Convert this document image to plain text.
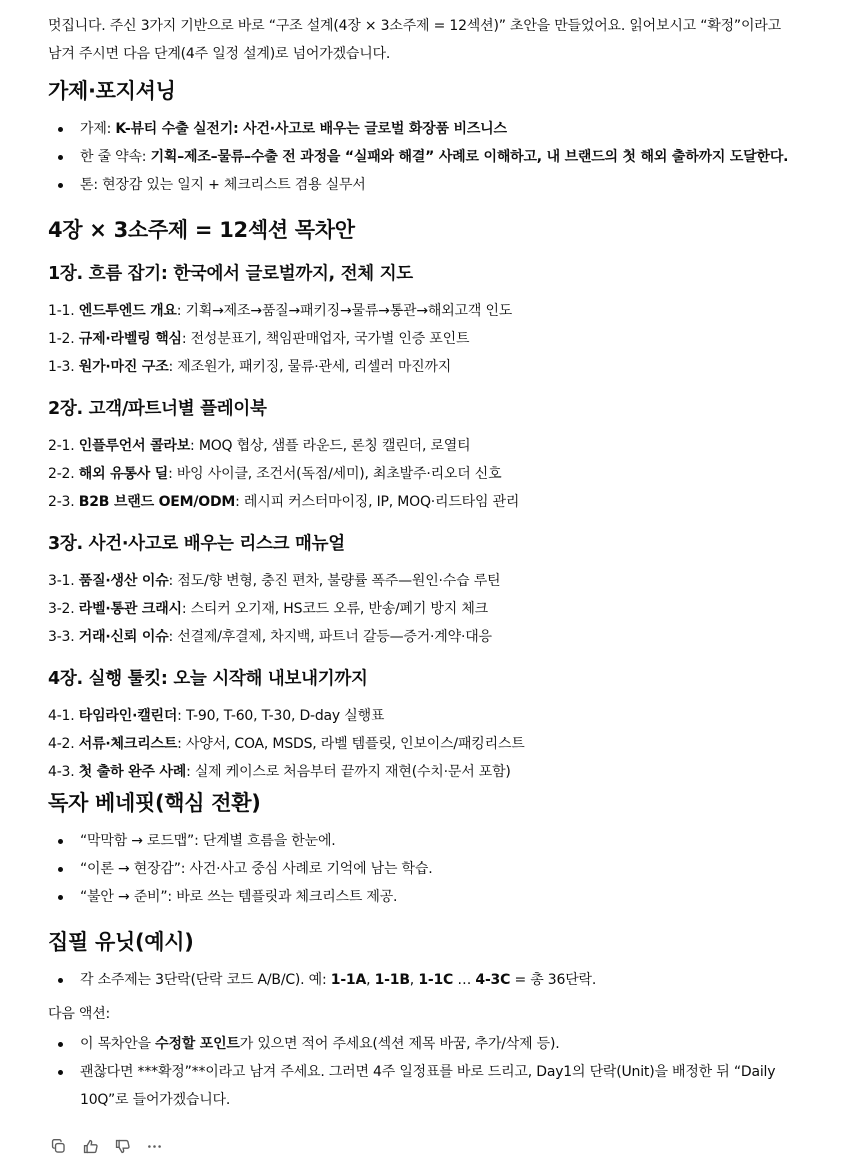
멋집니다. 주신 3가지 기반으로 바로 “구조 설계(4장 × 3소주제 = 12섹션)” 초안을 만들었어요. 읽어보시고 “확정”이라고

남겨 주시면 다음 단계(4주 일정 설계)로 넘어가겠습니다.

가제·포지셔닝
가제: K-뷰티 수출 실전기: 사건·사고로 배우는 글로벌 화장품 비즈니스
한 줄 약속: 기획–제조–물류–수출 전 과정을 “실패와 해결” 사례로 이해하고, 내 브랜드의 첫 해외 출하까지 도달한다.
톤: 현장감 있는 일지 + 체크리스트 겸용 실무서
4장 × 3소주제 = 12섹션 목차안
1장. 흐름 잡기: 한국에서 글로벌까지, 전체 지도

1-1. 엔드투엔드 개요: 기획→제조→품질→패키징→물류→통관→해외고객 인도

1-2. 규제·라벨링 핵심: 전성분표기, 책임판매업자, 국가별 인증 포인트

1-3. 원가·마진 구조: 제조원가, 패키징, 물류·관세, 리셀러 마진까지

2장. 고객/파트너별 플레이북

2-1. 인플루언서 콜라보: MOQ 협상, 샘플 라운드, 론칭 캘린더, 로열티

2-2. 해외 유통사 딜: 바잉 사이클, 조건서(독점/세미), 최초발주·리오더 신호

2-3. B2B 브랜드 OEM/ODM: 레시피 커스터마이징, IP, MOQ·리드타임 관리

3장. 사건·사고로 배우는 리스크 매뉴얼

3-1. 품질·생산 이슈: 점도/향 변형, 충진 편차, 불량률 폭주—원인·수습 루틴

3-2. 라벨·통관 크래시: 스티커 오기재, HS코드 오류, 반송/폐기 방지 체크

3-3. 거래·신뢰 이슈: 선결제/후결제, 차지백, 파트너 갈등—증거·계약·대응

4장. 실행 툴킷: 오늘 시작해 내보내기까지

4-1. 타임라인·캘린더: T-90, T-60, T-30, D-day 실행표

4-2. 서류·체크리스트: 사양서, COA, MSDS, 라벨 템플릿, 인보이스/패킹리스트

4-3. 첫 출하 완주 사례: 실제 케이스로 처음부터 끝까지 재현(수치·문서 포함)

독자 베네핏(핵심 전환)
“막막함 → 로드맵”: 단계별 흐름을 한눈에.
“이론 → 현장감”: 사건·사고 중심 사례로 기억에 남는 학습.
“불안 → 준비”: 바로 쓰는 템플릿과 체크리스트 제공.
집필 유닛(예시)
각 소주제는 3단락(단락 코드 A/B/C). 예: 1-1A, 1-1B, 1-1C … 4-3C = 총 36단락.

다음 액션:

이 목차안을 수정할 포인트가 있으면 적어 주세요(섹션 제목 바꿈, 추가/삭제 등).
괜찮다면 ***확정”**이라고 남겨 주세요. 그러면 4주 일정표를 바로 드리고, Day1의 단락(Unit)을 배정한 뒤 “Daily
10Q”로 들어가겠습니다.
